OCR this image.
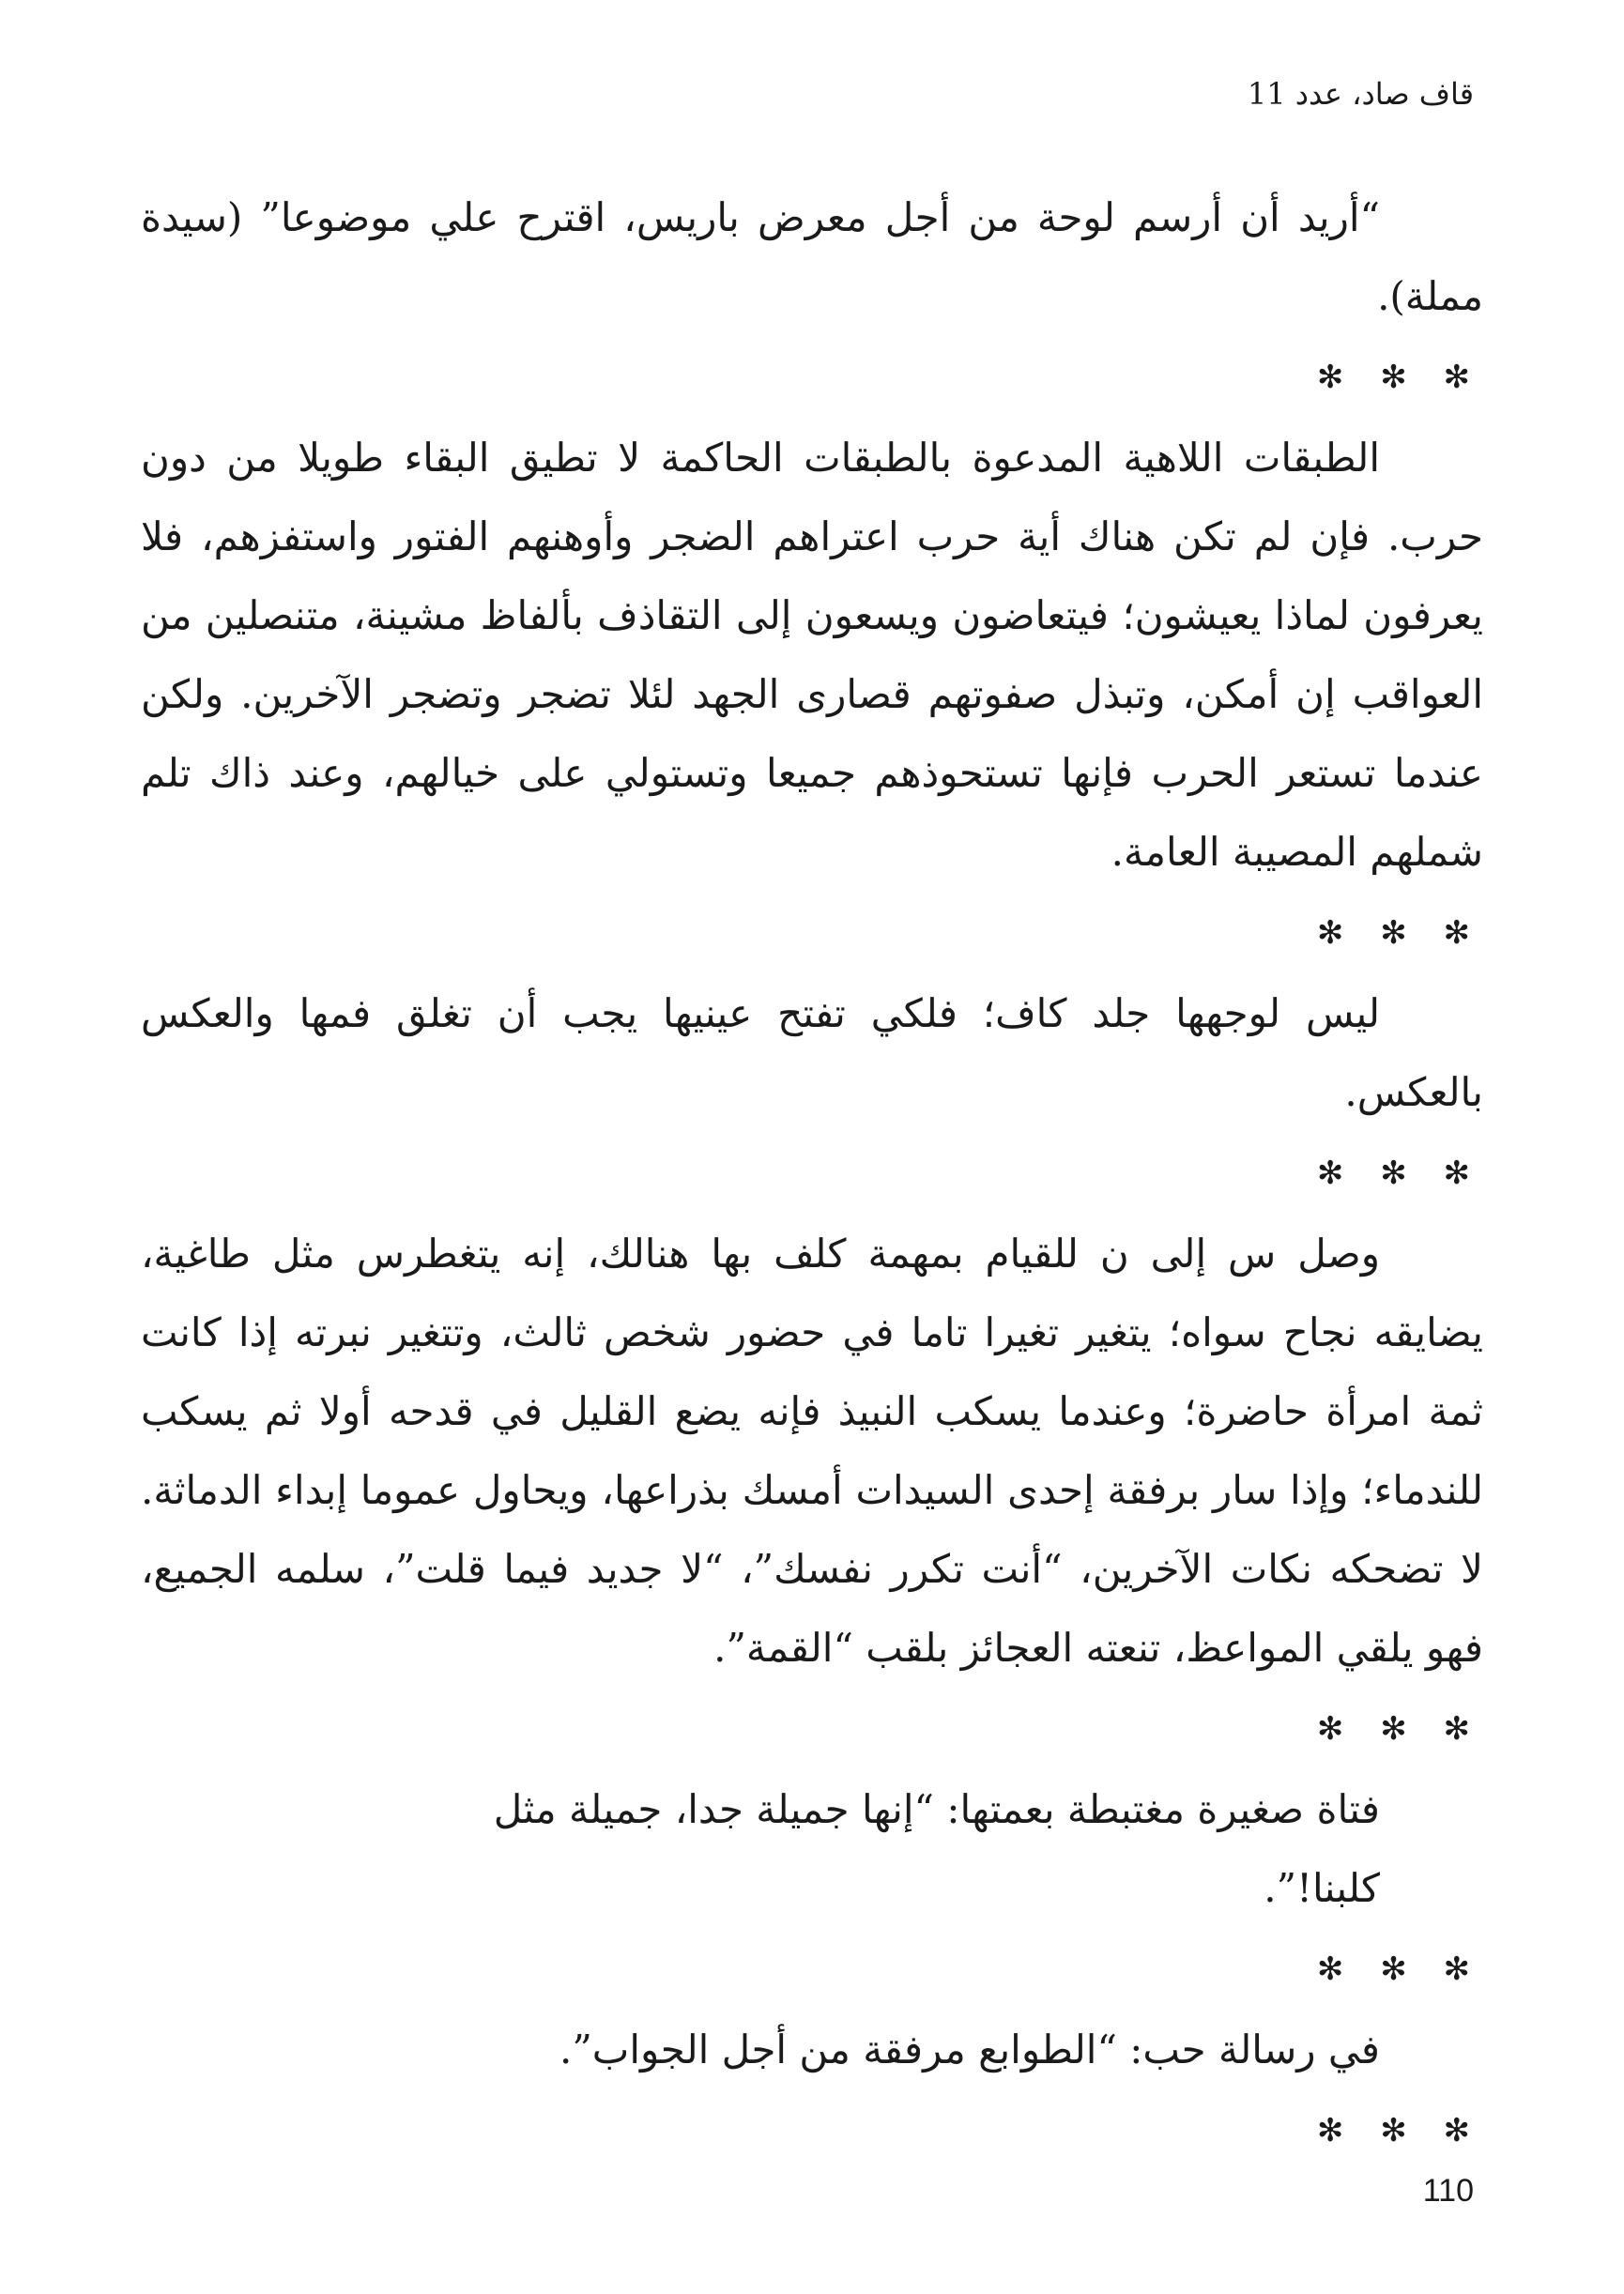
قاف صاد، عدد 11

“أريد أن أرسم لوحة من أجل معرض باريس، اقترح علي موضوعا” (سيدة مملة).

✻ ✻ ✻

الطبقات اللاهية المدعوة بالطبقات الحاكمة لا تطيق البقاء طويلا من دون حرب. فإن لم تكن هناك أية حرب اعتراهم الضجر وأوهنهم الفتور واستفزهم، فلا يعرفون لماذا يعيشون؛ فيتعاضون ويسعون إلى التقاذف بألفاظ مشينة، متنصلين من العواقب إن أمكن، وتبذل صفوتهم قصارى الجهد لئلا تضجر وتضجر الآخرين. ولكن عندما تستعر الحرب فإنها تستحوذهم جميعا وتستولي على خيالهم، وعند ذاك تلم شملهم المصيبة العامة.

✻ ✻ ✻

ليس لوجهها جلد كاف؛ فلكي تفتح عينيها يجب أن تغلق فمها والعكس بالعكس.

✻ ✻ ✻

وصل س إلى ن للقيام بمهمة كلف بها هنالك، إنه يتغطرس مثل طاغية، يضايقه نجاح سواه؛ يتغير تغيرا تاما في حضور شخص ثالث، وتتغير نبرته إذا كانت ثمة امرأة حاضرة؛ وعندما يسكب النبيذ فإنه يضع القليل في قدحه أولا ثم يسكب للندماء؛ وإذا سار برفقة إحدى السيدات أمسك بذراعها، ويحاول عموما إبداء الدماثة. لا تضحكه نكات الآخرين، “أنت تكرر نفسك”، “لا جديد فيما قلت”، سلمه الجميع، فهو يلقي المواعظ، تنعته العجائز بلقب “القمة”.

✻ ✻ ✻

فتاة صغيرة مغتبطة بعمتها: “إنها جميلة جدا، جميلة مثل كلبنا!”.

✻ ✻ ✻

في رسالة حب: “الطوابع مرفقة من أجل الجواب”.

✻ ✻ ✻

110
